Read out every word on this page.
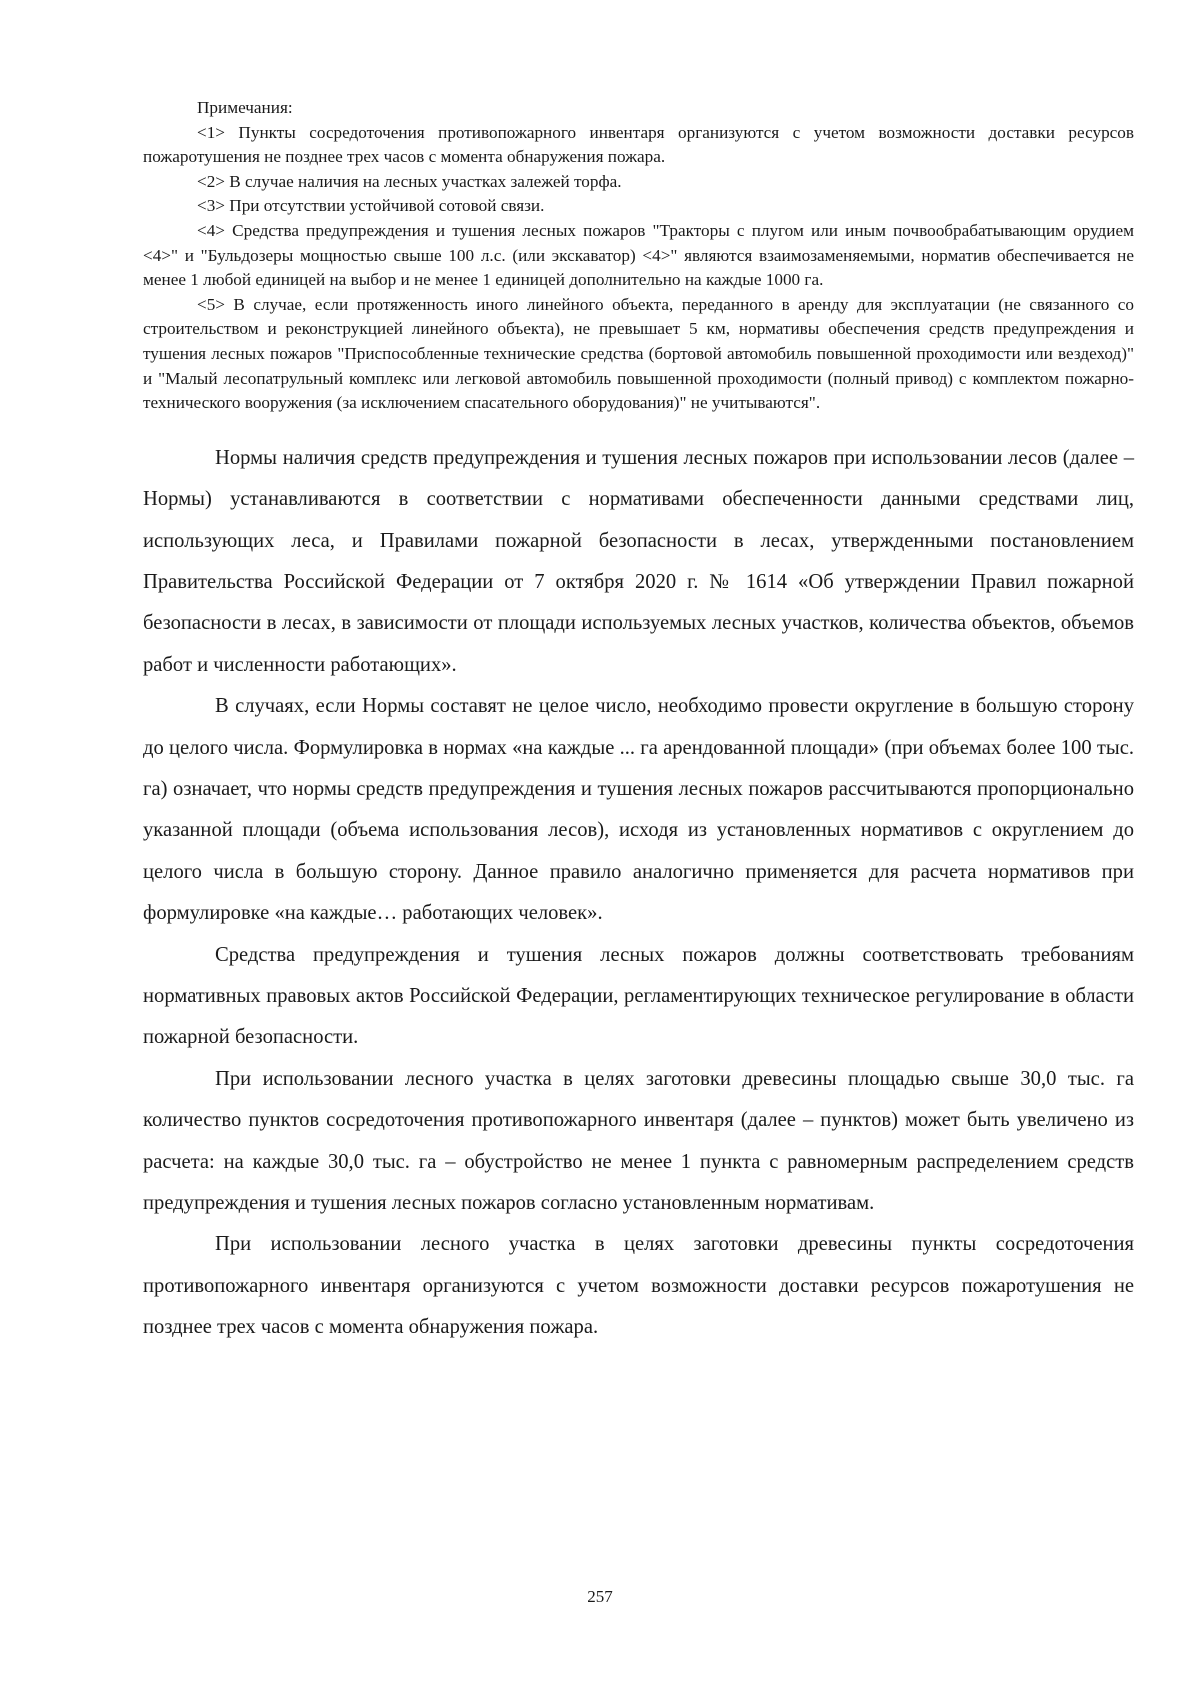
Примечания:

<1> Пункты сосредоточения противопожарного инвентаря организуются с учетом возможности доставки ресурсов пожаротушения не позднее трех часов с момента обнаружения пожара.

<2> В случае наличия на лесных участках залежей торфа.

<3> При отсутствии устойчивой сотовой связи.

<4> Средства предупреждения и тушения лесных пожаров "Тракторы с плугом или иным почвообрабатывающим орудием <4>" и "Бульдозеры мощностью свыше 100 л.с. (или экскаватор) <4>" являются взаимозаменяемыми, норматив обеспечивается не менее 1 любой единицей на выбор и не менее 1 единицей дополнительно на каждые 1000 га.

<5> В случае, если протяженность иного линейного объекта, переданного в аренду для эксплуатации (не связанного со строительством и реконструкцией линейного объекта), не превышает 5 км, нормативы обеспечения средств предупреждения и тушения лесных пожаров "Приспособленные технические средства (бортовой автомобиль повышенной проходимости или вездеход)" и "Малый лесопатрульный комплекс или легковой автомобиль повышенной проходимости (полный привод) с комплектом пожарно-технического вооружения (за исключением спасательного оборудования)" не учитываются".

Нормы наличия средств предупреждения и тушения лесных пожаров при использовании лесов (далее – Нормы) устанавливаются в соответствии с нормативами обеспеченности данными средствами лиц, использующих леса, и Правилами пожарной безопасности в лесах, утвержденными постановлением Правительства Российской Федерации от 7 октября 2020 г. № 1614 «Об утверждении Правил пожарной безопасности в лесах, в зависимости от площади используемых лесных участков, количества объектов, объемов работ и численности работающих».

В случаях, если Нормы составят не целое число, необходимо провести округление в большую сторону до целого числа. Формулировка в нормах «на каждые ... га арендованной площади» (при объемах более 100 тыс. га) означает, что нормы средств предупреждения и тушения лесных пожаров рассчитываются пропорционально указанной площади (объема использования лесов), исходя из установленных нормативов с округлением до целого числа в большую сторону. Данное правило аналогично применяется для расчета нормативов при формулировке «на каждые… работающих человек».

Средства предупреждения и тушения лесных пожаров должны соответствовать требованиям нормативных правовых актов Российской Федерации, регламентирующих техническое регулирование в области пожарной безопасности.

При использовании лесного участка в целях заготовки древесины площадью свыше 30,0 тыс. га количество пунктов сосредоточения противопожарного инвентаря (далее – пунктов) может быть увеличено из расчета: на каждые 30,0 тыс. га – обустройство не менее 1 пункта с равномерным распределением средств предупреждения и тушения лесных пожаров согласно установленным нормативам.

При использовании лесного участка в целях заготовки древесины пункты сосредоточения противопожарного инвентаря организуются с учетом возможности доставки ресурсов пожаротушения не позднее трех часов с момента обнаружения пожара.

257
